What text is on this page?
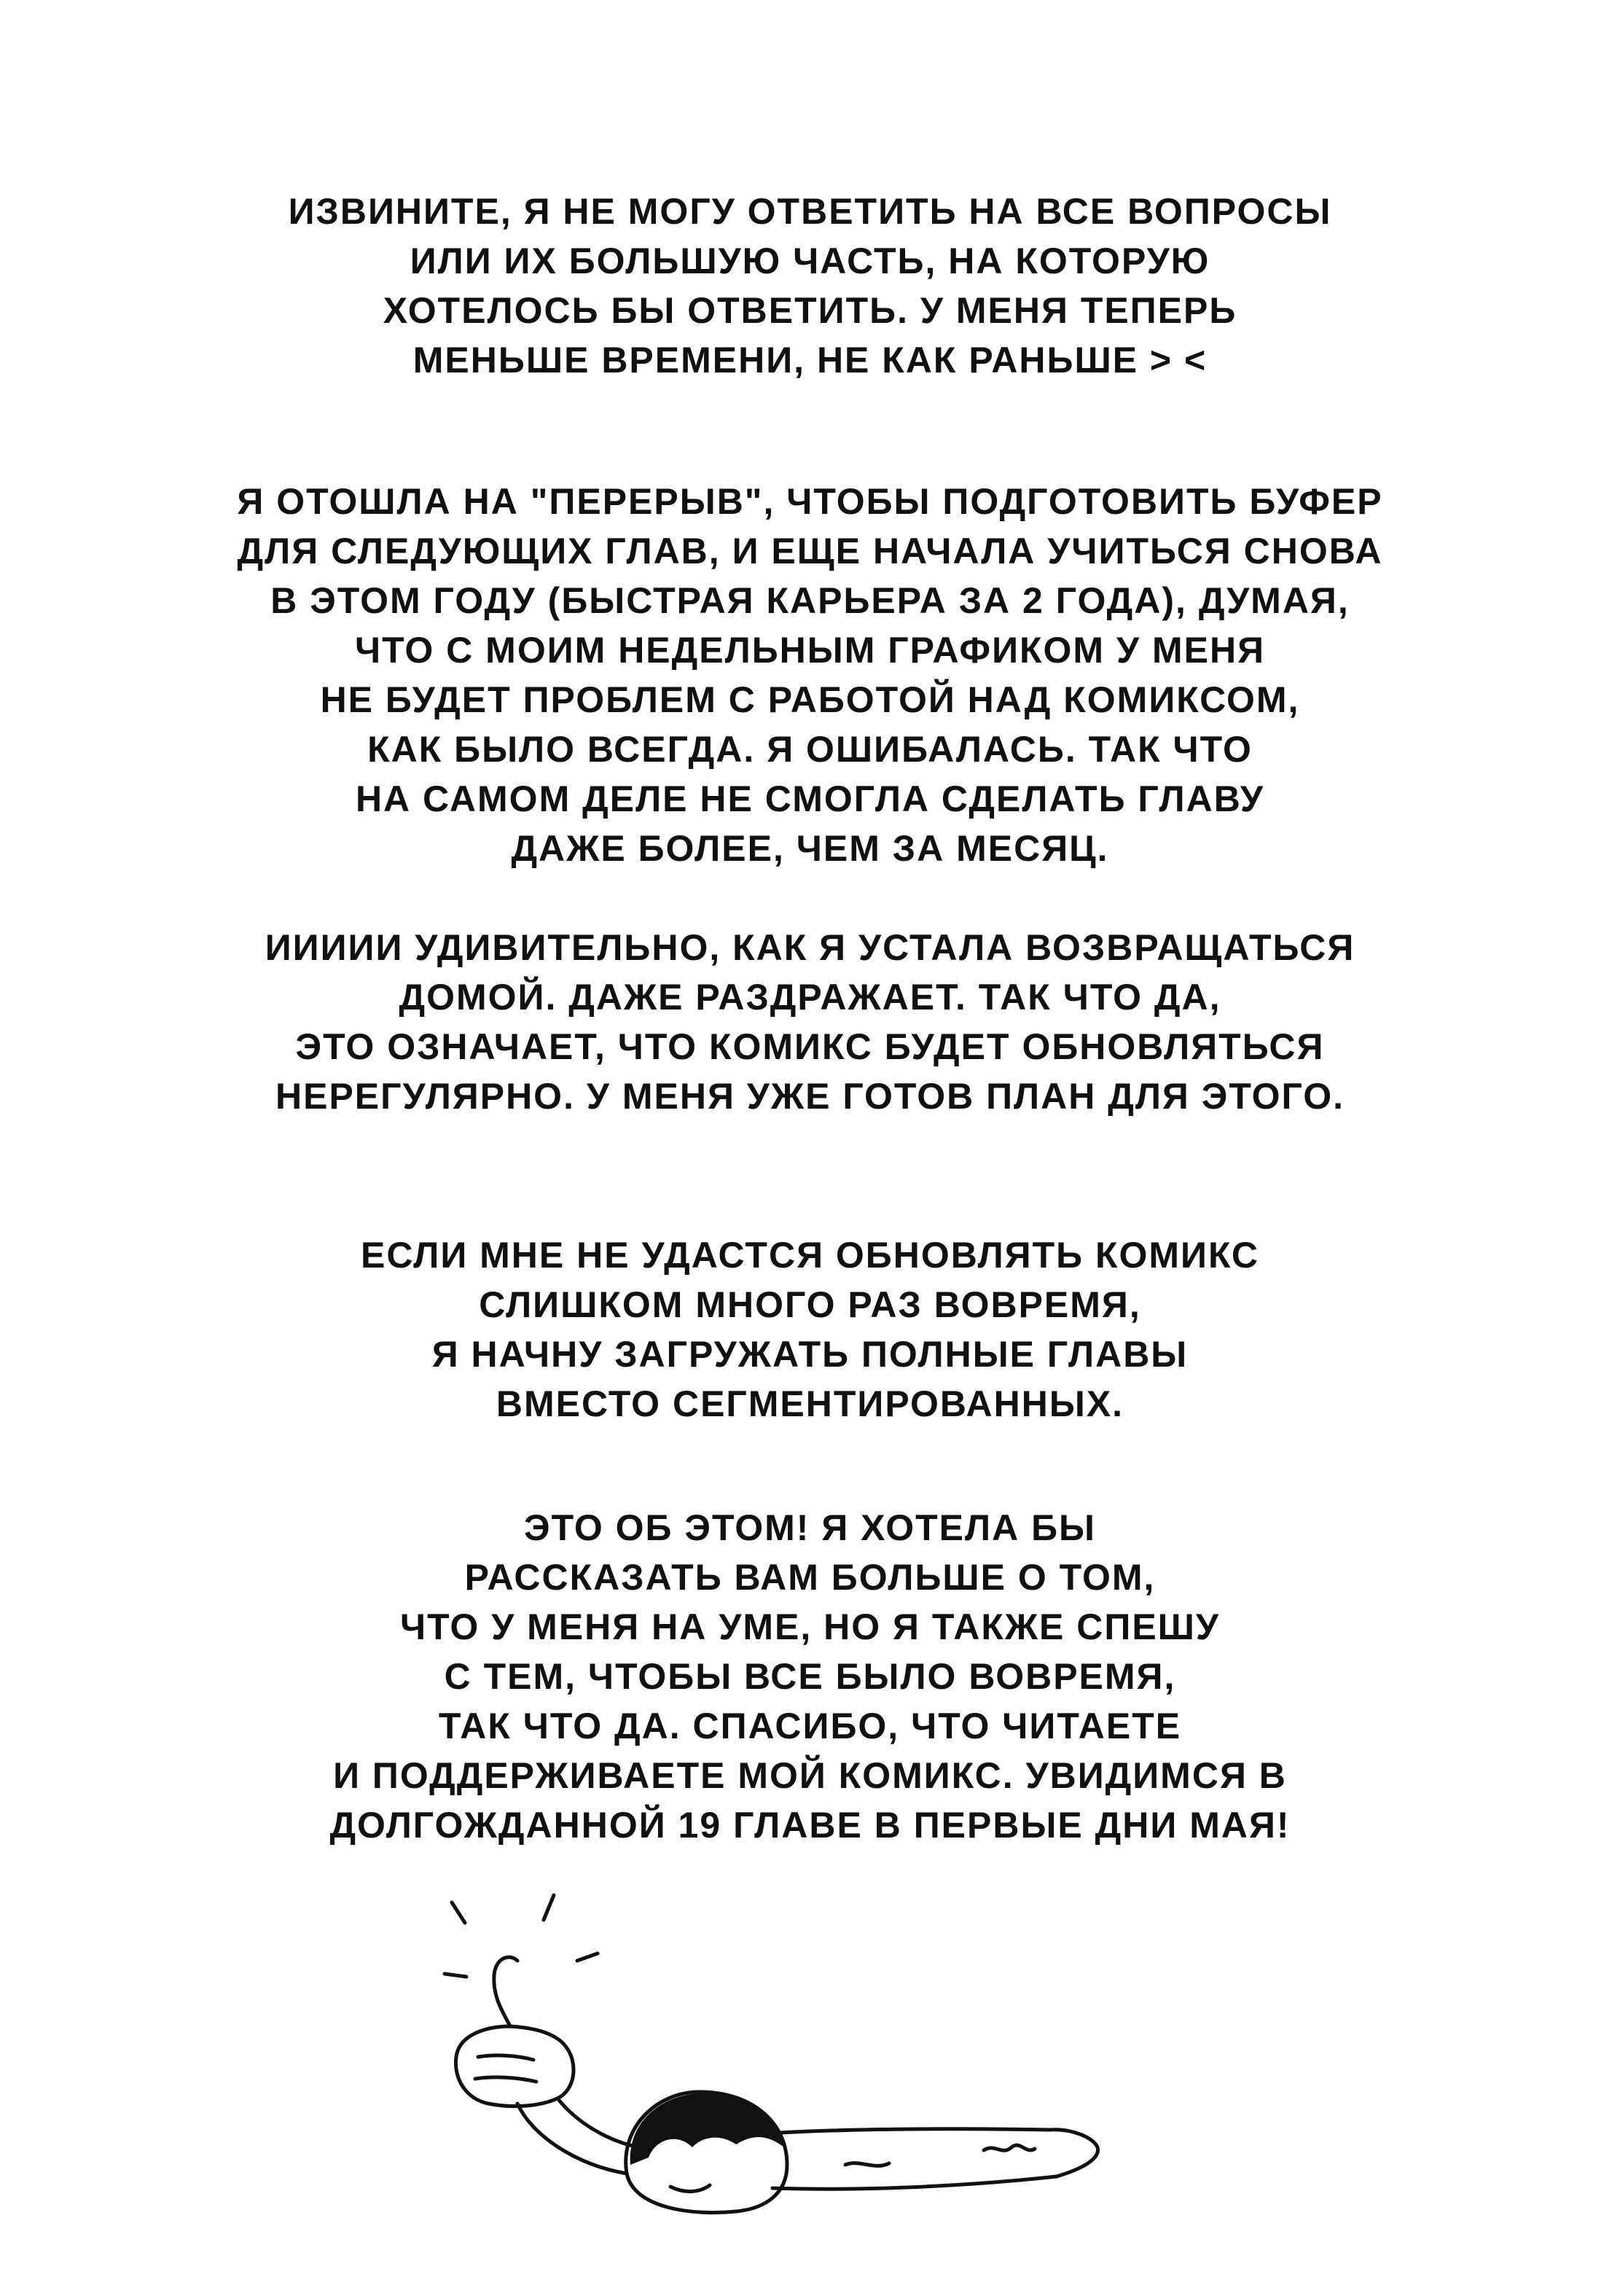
ИЗВИНИТЕ, Я НЕ МОГУ ОТВЕТИТЬ НА ВСЕ ВОПРОСЫ
ИЛИ ИХ БОЛЬШУЮ ЧАСТЬ, НА КОТОРУЮ
ХОТЕЛОСЬ БЫ ОТВЕТИТЬ. У МЕНЯ ТЕПЕРЬ
МЕНЬШЕ ВРЕМЕНИ, НЕ КАК РАНЬШЕ > <
Я ОТОШЛА НА "ПЕРЕРЫВ", ЧТОБЫ ПОДГОТОВИТЬ БУФЕР
ДЛЯ СЛЕДУЮЩИХ ГЛАВ, И ЕЩЕ НАЧАЛА УЧИТЬСЯ СНОВА
В ЭТОМ ГОДУ (БЫСТРАЯ КАРЬЕРА ЗА 2 ГОДА), ДУМАЯ,
ЧТО С МОИМ НЕДЕЛЬНЫМ ГРАФИКОМ У МЕНЯ
НЕ БУДЕТ ПРОБЛЕМ С РАБОТОЙ НАД КОМИКСОМ,
КАК БЫЛО ВСЕГДА. Я ОШИБАЛАСЬ. ТАК ЧТО
НА САМОМ ДЕЛЕ НЕ СМОГЛА СДЕЛАТЬ ГЛАВУ
ДАЖЕ БОЛЕЕ, ЧЕМ ЗА МЕСЯЦ.
ИИИИИ УДИВИТЕЛЬНО, КАК Я УСТАЛА ВОЗВРАЩАТЬСЯ
ДОМОЙ. ДАЖЕ РАЗДРАЖАЕТ. ТАК ЧТО ДА,
ЭТО ОЗНАЧАЕТ, ЧТО КОМИКС БУДЕТ ОБНОВЛЯТЬСЯ
НЕРЕГУЛЯРНО. У МЕНЯ УЖЕ ГОТОВ ПЛАН ДЛЯ ЭТОГО.
ЕСЛИ МНЕ НЕ УДАСТСЯ ОБНОВЛЯТЬ КОМИКС
СЛИШКОМ МНОГО РАЗ ВОВРЕМЯ,
Я НАЧНУ ЗАГРУЖАТЬ ПОЛНЫЕ ГЛАВЫ
ВМЕСТО СЕГМЕНТИРОВАННЫХ.
ЭТО ОБ ЭТОМ! Я ХОТЕЛА БЫ
РАССКАЗАТЬ ВАМ БОЛЬШЕ О ТОМ,
ЧТО У МЕНЯ НА УМЕ, НО Я ТАКЖЕ СПЕШУ
С ТЕМ, ЧТОБЫ ВСЕ БЫЛО ВОВРЕМЯ,
ТАК ЧТО ДА. СПАСИБО, ЧТО ЧИТАЕТЕ
И ПОДДЕРЖИВАЕТЕ МОЙ КОМИКС. УВИДИМСЯ В
ДОЛГОЖДАННОЙ 19 ГЛАВЕ В ПЕРВЫЕ ДНИ МАЯ!
